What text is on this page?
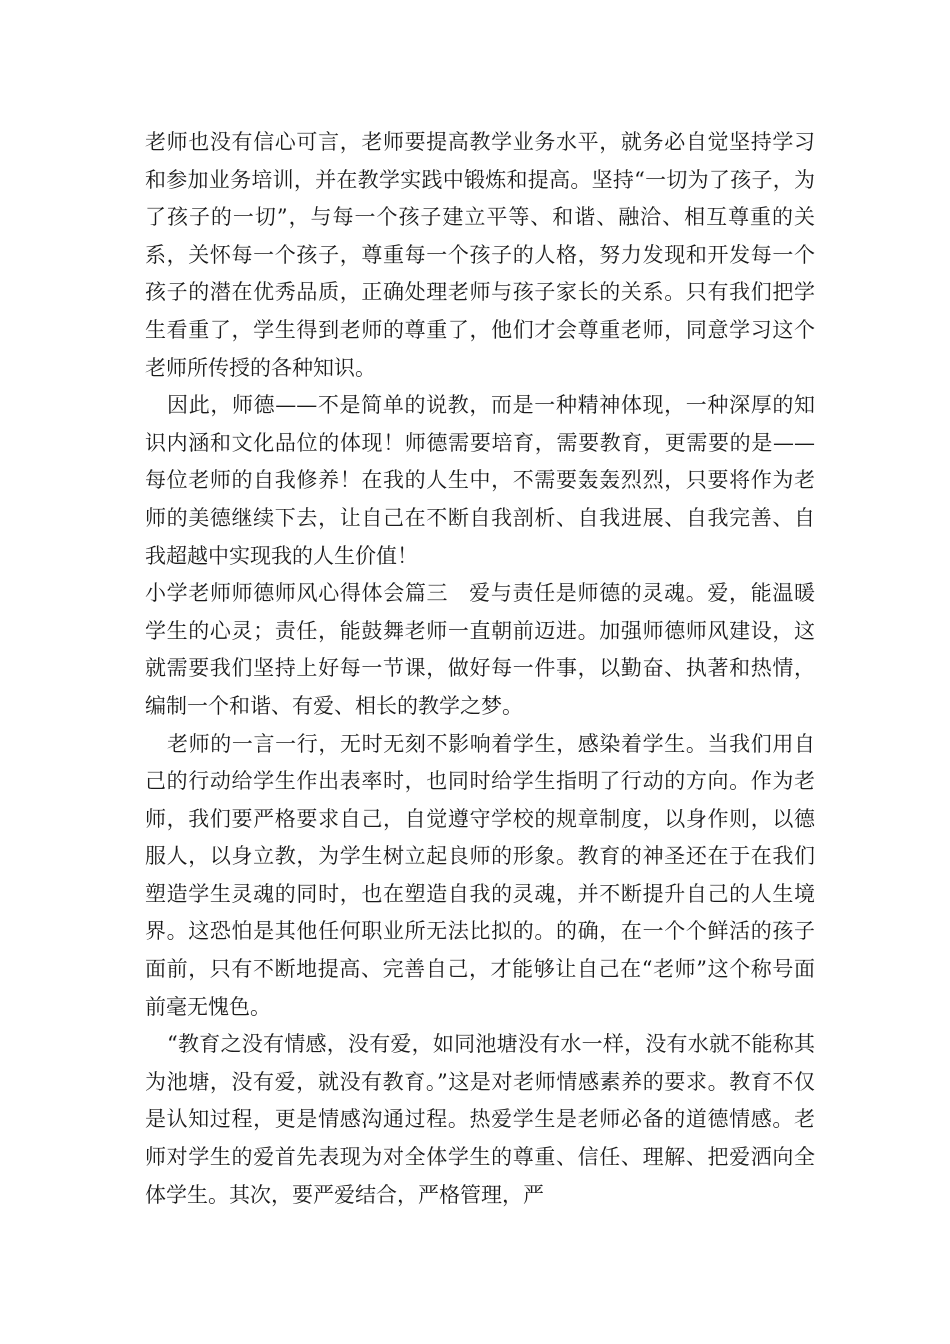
老师也没有信心可言，老师要提高教学业务水平，就务必自觉坚持学习和参加业务培训，并在教学实践中锻炼和提高。坚持“一切为了孩子，为了孩子的一切”，与每一个孩子建立平等、和谐、融洽、相互尊重的关系，关怀每一个孩子，尊重每一个孩子的人格，努力发现和开发每一个孩子的潜在优秀品质，正确处理老师与孩子家长的关系。只有我们把学生看重了，学生得到老师的尊重了，他们才会尊重老师，同意学习这个老师所传授的各种知识。

因此，师德——不是简单的说教，而是一种精神体现，一种深厚的知识内涵和文化品位的体现！师德需要培育，需要教育，更需要的是——每位老师的自我修养！在我的人生中，不需要轰轰烈烈，只要将作为老师的美德继续下去，让自己在不断自我剖析、自我进展、自我完善、自我超越中实现我的人生价值！

小学老师师德师风心得体会篇三 爱与责任是师德的灵魂。爱，能温暖学生的心灵；责任，能鼓舞老师一直朝前迈进。加强师德师风建设，这就需要我们坚持上好每一节课，做好每一件事，以勤奋、执著和热情，编制一个和谐、有爱、相长的教学之梦。

老师的一言一行，无时无刻不影响着学生，感染着学生。当我们用自己的行动给学生作出表率时，也同时给学生指明了行动的方向。作为老师，我们要严格要求自己，自觉遵守学校的规章制度，以身作则，以德服人，以身立教，为学生树立起良师的形象。教育的神圣还在于在我们塑造学生灵魂的同时，也在塑造自我的灵魂，并不断提升自己的人生境界。这恐怕是其他任何职业所无法比拟的。的确，在一个个鲜活的孩子面前，只有不断地提高、完善自己，才能够让自己在“老师”这个称号面前毫无愧色。

“教育之没有情感，没有爱，如同池塘没有水一样，没有水就不能称其为池塘，没有爱，就没有教育。”这是对老师情感素养的要求。教育不仅是认知过程，更是情感沟通过程。热爱学生是老师必备的道德情感。老师对学生的爱首先表现为对全体学生的尊重、信任、理解、把爱洒向全体学生。其次，要严爱结合，严格管理，严
